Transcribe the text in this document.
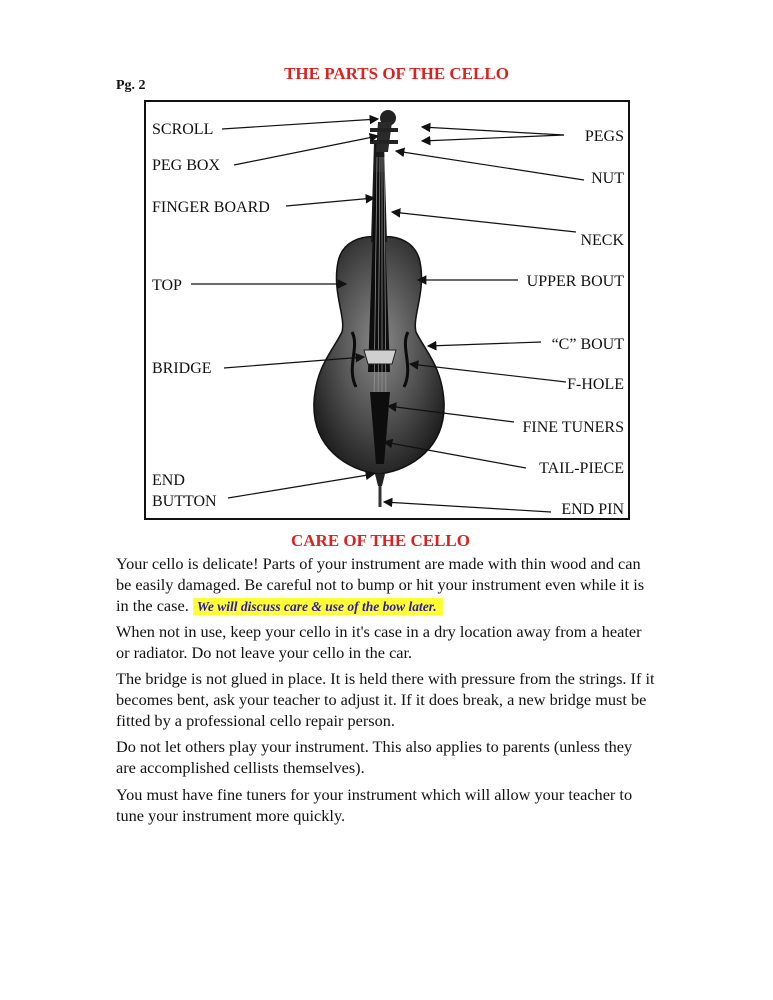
Pg. 2
THE PARTS OF THE CELLO
SCROLL
PEG BOX
FINGER BOARD
TOP
BRIDGE
END
BUTTON
PEGS
NUT
NECK
UPPER BOUT
“C” BOUT
F-HOLE
FINE TUNERS
TAIL-PIECE
END PIN
CARE OF THE CELLO
Your cello is delicate! Parts of your instrument are made with thin wood and can be easily damaged. Be careful not to bump or hit your instrument even while it is in the case. We will discuss care & use of the bow later.
When not in use, keep your cello in it's case in a dry location away from a heater or radiator. Do not leave your cello in the car.
The bridge is not glued in place. It is held there with pressure from the strings. If it becomes bent, ask your teacher to adjust it. If it does break, a new bridge must be fitted by a professional cello repair person.
Do not let others play your instrument. This also applies to parents (unless they are accomplished cellists themselves).
You must have fine tuners for your instrument which will allow your teacher to tune your instrument more quickly.
